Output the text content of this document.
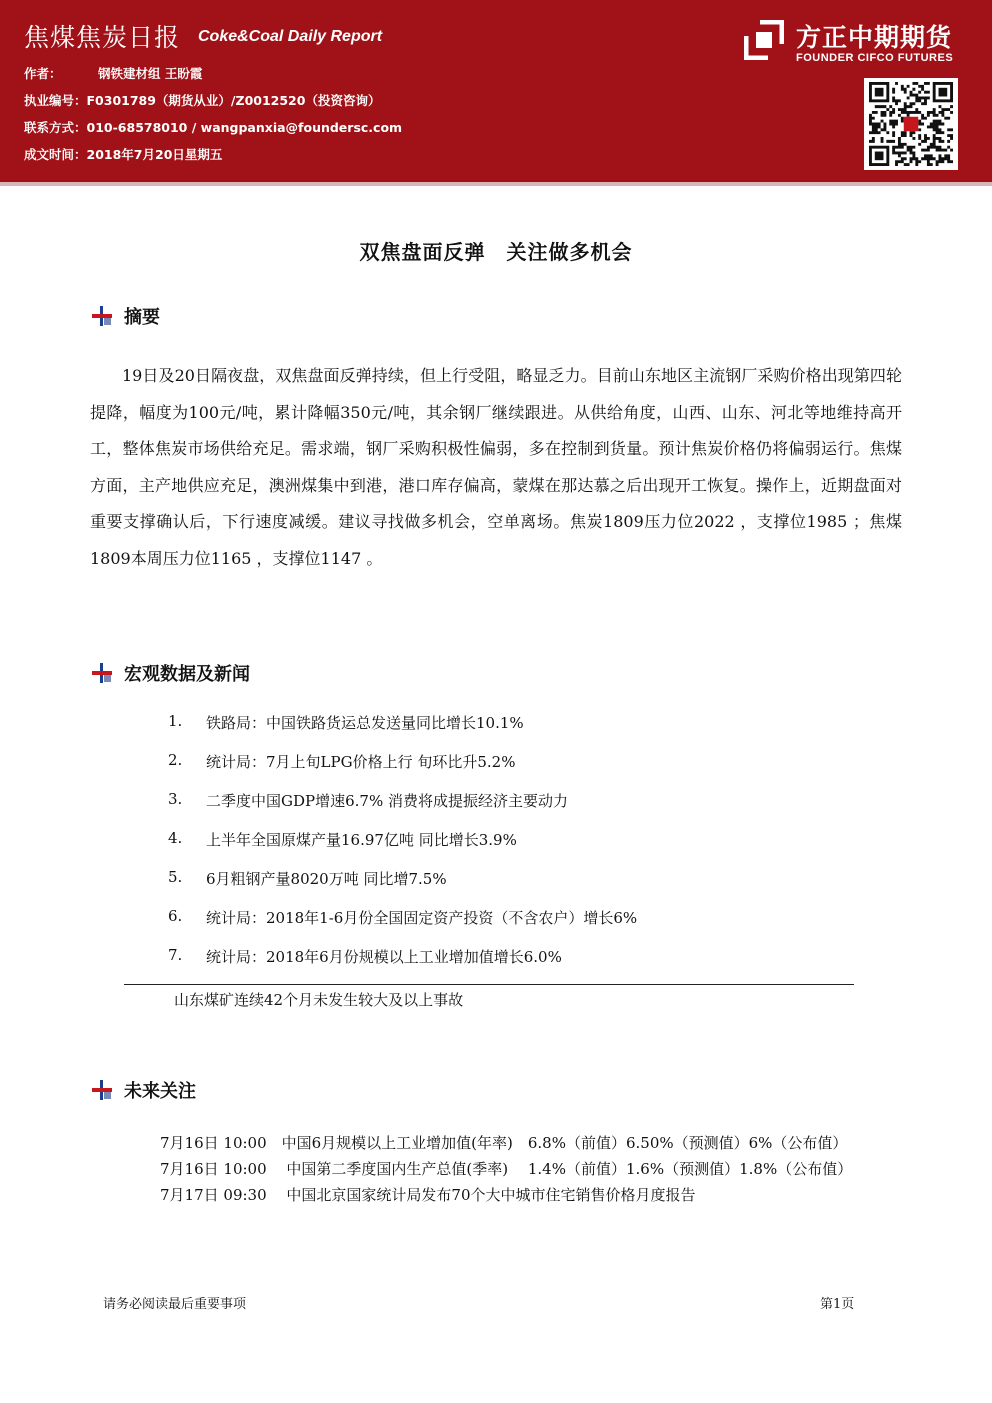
焦煤焦炭日报 Coke&Coal Daily Report
作者：	钢铁建材组 王盼霞
执业编号：F0301789（期货从业）/Z0012520（投资咨询）
联系方式：010-68578010 / wangpanxia@foundersc.com
成文时间：2018年7月20日星期五
方正中期期货
FOUNDER CIFCO FUTURES
双焦盘面反弹　关注做多机会
摘要
19日及20日隔夜盘，双焦盘面反弹持续，但上行受阻，略显乏力。目前山东地区主流钢厂采购价格出现第四轮提降，幅度为100元/吨，累计降幅350元/吨，其余钢厂继续跟进。从供给角度，山西、山东、河北等地维持高开工，整体焦炭市场供给充足。需求端，钢厂采购积极性偏弱，多在控制到货量。预计焦炭价格仍将偏弱运行。焦煤方面，主产地供应充足，澳洲煤集中到港，港口库存偏高，蒙煤在那达慕之后出现开工恢复。操作上，近期盘面对重要支撑确认后，下行速度减缓。建议寻找做多机会，空单离场。焦炭1809压力位2022 ，支撑位1985 ；焦煤1809本周压力位1165 ，支撑位1147 。
宏观数据及新闻
1.	铁路局：中国铁路货运总发送量同比增长10.1%
2.	统计局：7月上旬LPG价格上行 旬环比升5.2%
3.	二季度中国GDP增速6.7% 消费将成提振经济主要动力
4.	上半年全国原煤产量16.97亿吨 同比增长3.9%
5.	6月粗钢产量8020万吨 同比增7.5%
6.	统计局：2018年1-6月份全国固定资产投资（不含农户）增长6%
7.	统计局：2018年6月份规模以上工业增加值增长6.0%
山东煤矿连续42个月未发生较大及以上事故
未来关注
7月16日 10:00　中国6月规模以上工业增加值(年率)　6.8%（前值）6.50%（预测值）6%（公布值）
7月16日 10:00　 中国第二季度国内生产总值(季率)　 1.4%（前值）1.6%（预测值）1.8%（公布值）
7月17日 09:30　 中国北京国家统计局发布70个大中城市住宅销售价格月度报告
请务必阅读最后重要事项	第1页
